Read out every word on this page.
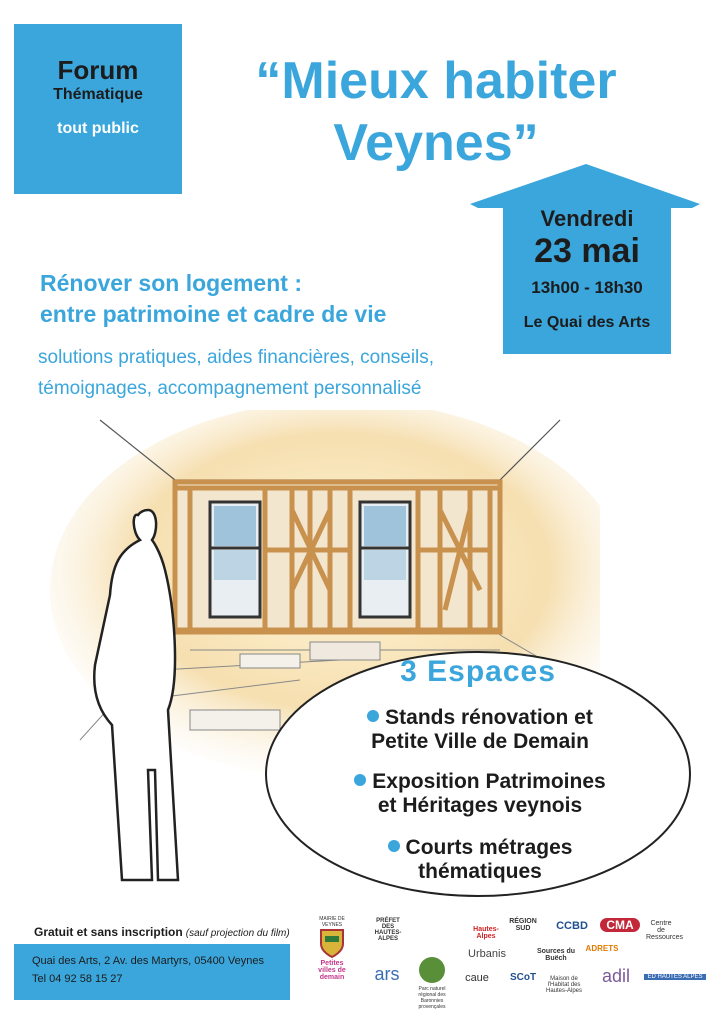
Forum
Thématique
tout public
“Mieux habiter
Veynes”
Vendredi
23 mai
13h00 - 18h30
Le Quai des Arts
Rénover son logement :
entre patrimoine et cadre de vie
solutions pratiques, aides financières, conseils,
témoignages, accompagnement personnalisé
3 Espaces
Stands rénovation et
Petite Ville de Demain
Exposition Patrimoines
et Héritages veynois
Courts métrages
thématiques
Gratuit et sans inscription (sauf projection du film)
Quai des Arts, 2 Av. des Martyrs, 05400 Veynes
Tel 04 92 58 15 27
MAIRIE DE VEYNES
Petites villes de demain
PRÉFET DES HAUTES-ALPES
Hautes-Alpes
RÉGION SUD	CCBD	CMA	Centre de Ressources
Urbanis	Sources du Buëch
ADRETS
ars
Parc naturel régional des Baronnies provençales
caue	SCoT	Maison de l'Habitat des Hautes-Alpes
adil	ED HAUTES ALPES
